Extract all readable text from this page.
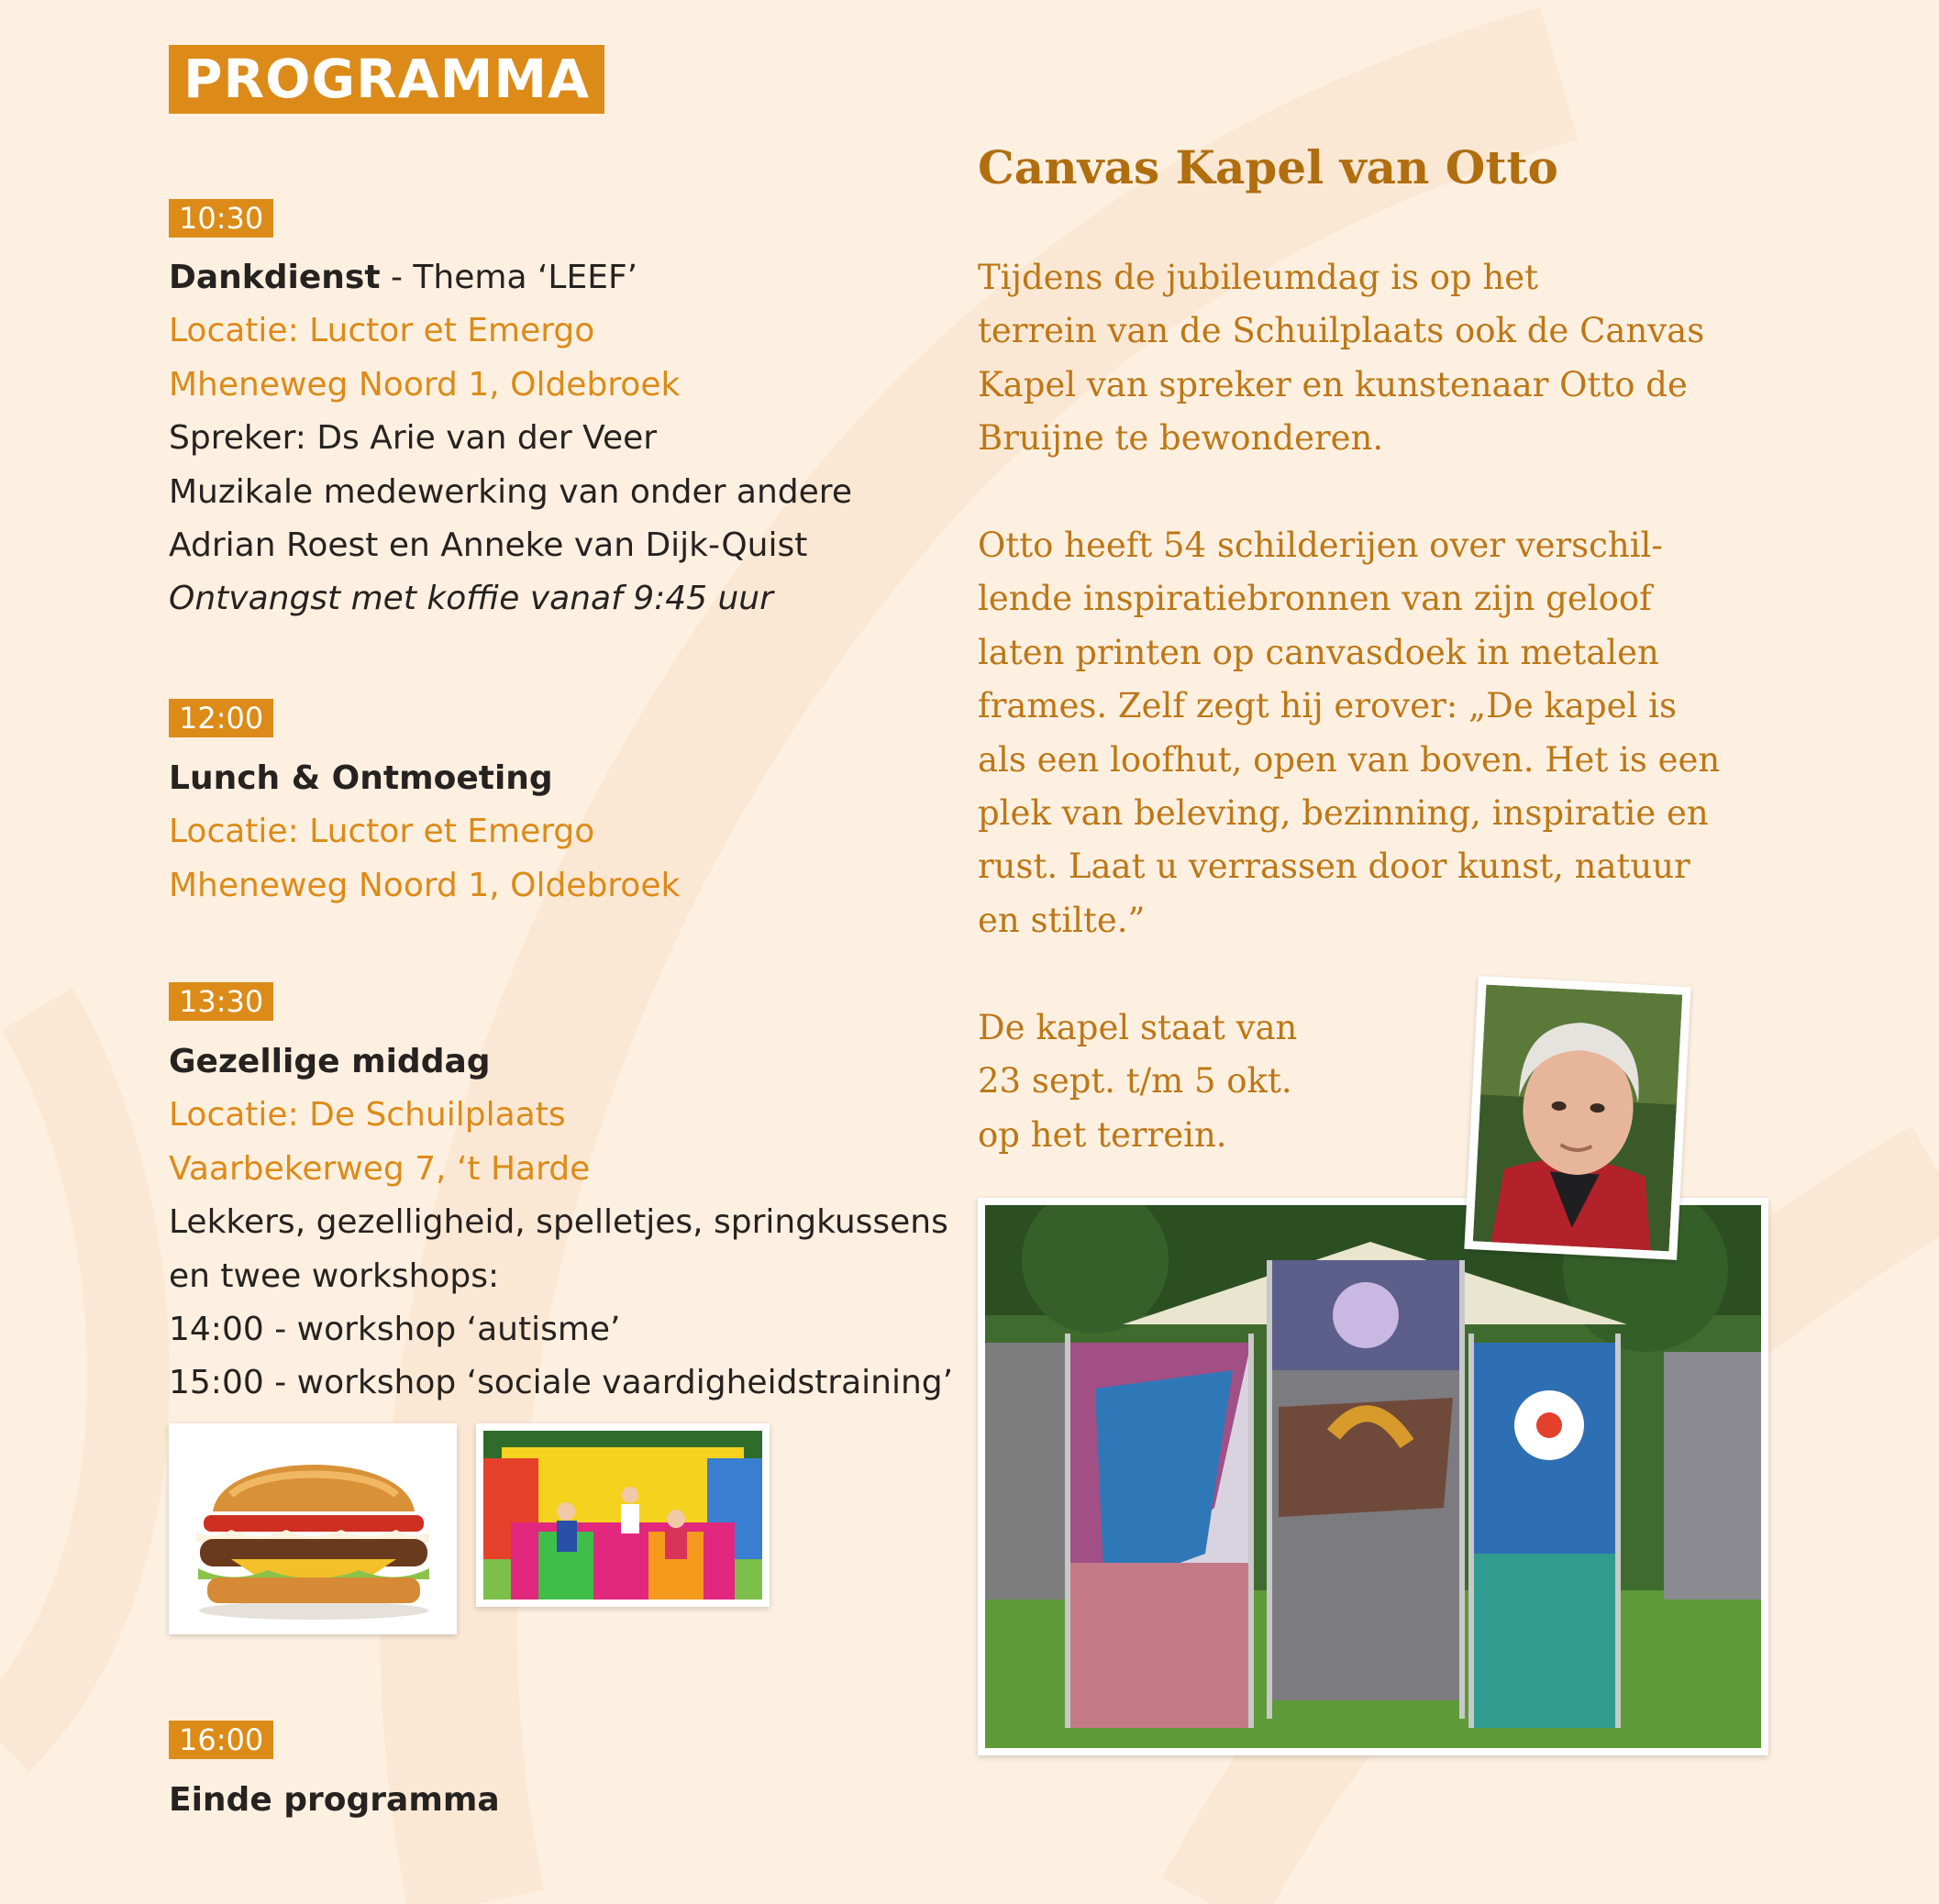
PROGRAMMA
10:30
Dankdienst - Thema ‘LEEF’
Locatie: Luctor et Emergo
Mheneweg Noord 1, Oldebroek
Spreker: Ds Arie van der Veer
Muzikale medewerking van onder andere
Adrian Roest en Anneke van Dijk-Quist
Ontvangst met koffie vanaf 9:45 uur
12:00
Lunch & Ontmoeting
Locatie: Luctor et Emergo
Mheneweg Noord 1, Oldebroek
13:30
Gezellige middag
Locatie: De Schuilplaats
Vaarbekerweg 7, ‘t Harde
Lekkers, gezelligheid, spelletjes, springkussens
en twee workshops:
14:00 - workshop ‘autisme’
15:00 - workshop ‘sociale vaardigheidstraining’
16:00
Einde programma
Canvas Kapel van Otto
Tijdens de jubileumdag is op het
terrein van de Schuilplaats ook de Canvas
Kapel van spreker en kunstenaar Otto de
Bruijne te bewonderen.
Otto heeft 54 schilderijen over verschil-
lende inspiratiebronnen van zijn geloof
laten printen op canvasdoek in metalen
frames. Zelf zegt hij erover: „De kapel is
als een loofhut, open van boven. Het is een
plek van beleving, bezinning, inspiratie en
rust. Laat u verrassen door kunst, natuur
en stilte.”
De kapel staat van
23 sept. t/m 5 okt.
op het terrein.
